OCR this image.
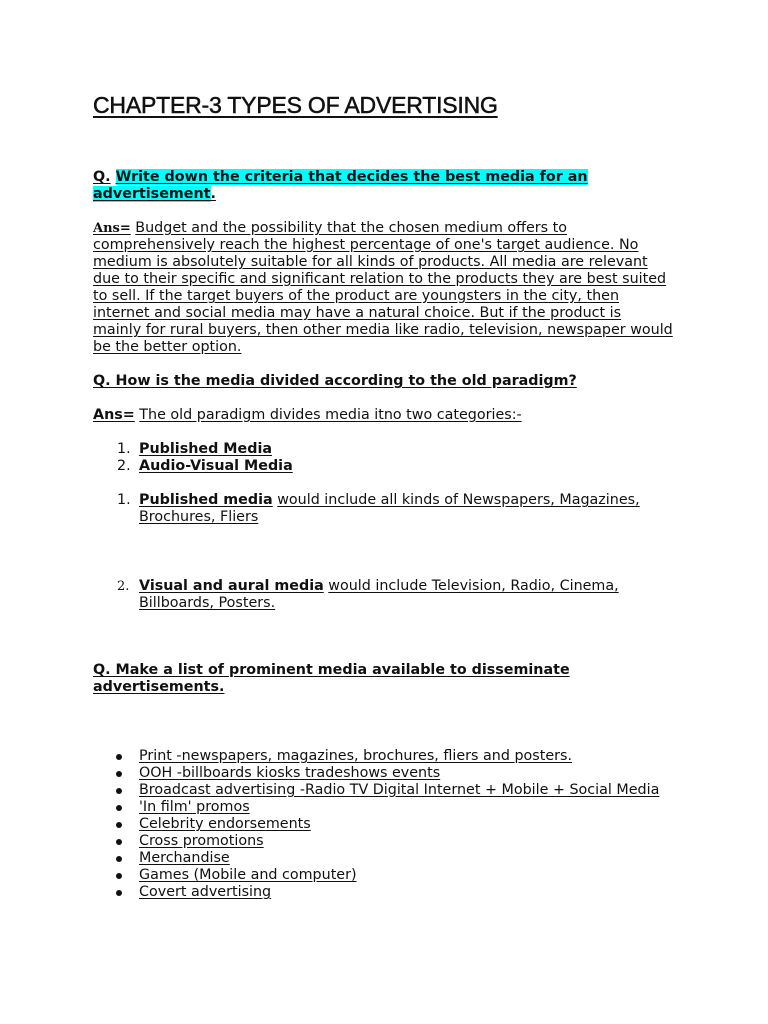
CHAPTER-3 TYPES OF ADVERTISING

Q. Write down the criteria that decides the best media for an advertisement.

Ans= Budget and the possibility that the chosen medium offers to comprehensively reach the highest percentage of one's target audience. No medium is absolutely suitable for all kinds of products. All media are relevant due to their specific and significant relation to the products they are best suited to sell. If the target buyers of the product are youngsters in the city, then internet and social media may have a natural choice. But if the product is mainly for rural buyers, then other media like radio, television, newspaper would be the better option.

Q. How is the media divided according to the old paradigm?

Ans= The old paradigm divides media itno two categories:-

1. Published Media
2. Audio-Visual Media
1. Published media would include all kinds of Newspapers, Magazines, Brochures, Fliers
2. Visual and aural media would include Television, Radio, Cinema, Billboards, Posters.

Q. Make a list of prominent media available to disseminate advertisements.

Print -newspapers, magazines, brochures, fliers and posters.
OOH -billboards kiosks tradeshows events
Broadcast advertising -Radio TV Digital Internet + Mobile + Social Media
'In film' promos
Celebrity endorsements
Cross promotions
Merchandise
Games (Mobile and computer)
Covert advertising
